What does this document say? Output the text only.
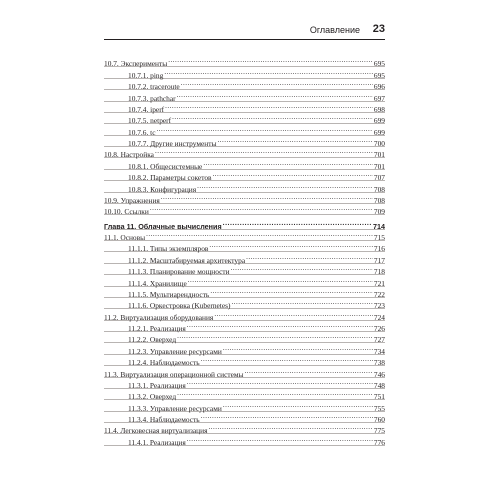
Оглавление 23
10.7. Эксперименты .....	695
10.7.1. ping .....	695
10.7.2. traceroute .....	696
10.7.3. pathchar .....	697
10.7.4. iperf .....	698
10.7.5. netperf .....	699
10.7.6. tc .....	699
10.7.7. Другие инструменты .....	700
10.8. Настройка .....	701
10.8.1. Общесистемные .....	701
10.8.2. Параметры сокетов .....	707
10.8.3. Конфигурация .....	708
10.9. Упражнения .....	708
10.10. Ссылки .....	709
Глава 11. Облачные вычисления .....	714
11.1. Основы .....	715
11.1.1. Типы экземпляров .....	716
11.1.2. Масштабируемая архитектура .....	717
11.1.3. Планирование мощности .....	718
11.1.4. Хранилище .....	721
11.1.5. Мультиарендность .....	722
11.1.6. Оркестровка (Kubernetes) .....	723
11.2. Виртуализация оборудования .....	724
11.2.1. Реализация .....	726
11.2.2. Оверхед .....	727
11.2.3. Управление ресурсами .....	734
11.2.4. Наблюдаемость .....	738
11.3. Виртуализация операционной системы .....	746
11.3.1. Реализация .....	748
11.3.2. Оверхед .....	751
11.3.3. Управление ресурсами .....	755
11.3.4. Наблюдаемость .....	760
11.4. Легковесная виртуализация .....	775
11.4.1. Реализация .....	776
